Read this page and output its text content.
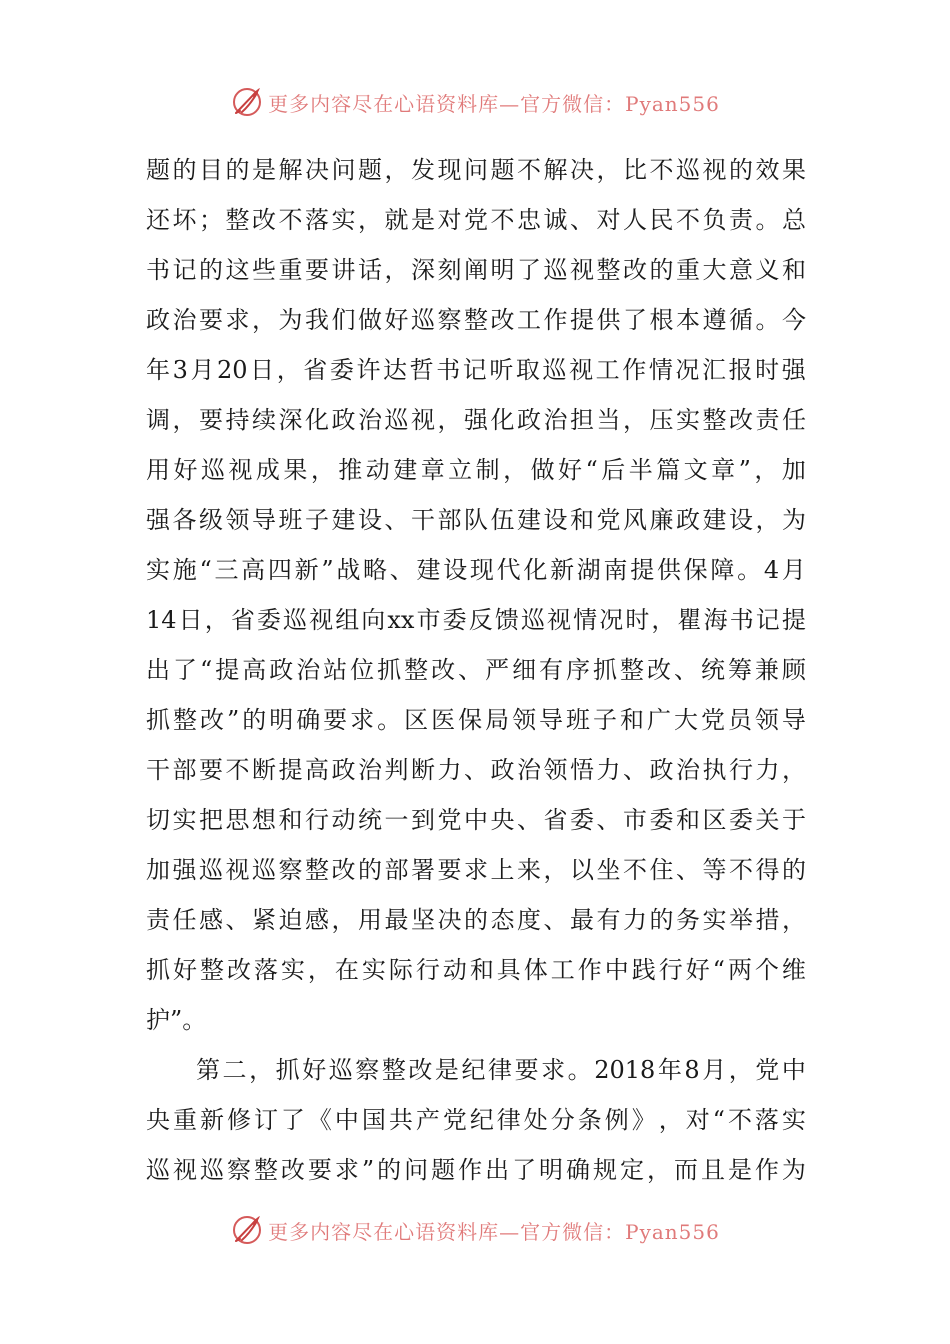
更多内容尽在心语资料库—官方微信：Pyan556
题 的 目 的 是 解 决 问 题 ， 发 现 问 题 不 解 决 ， 比 不 巡 视 的 效 果
还 坏 ； 整 改 不 落 实 ， 就 是 对 党 不 忠 诚 、 对 人 民 不 负 责 。 总
书 记 的 这 些 重 要 讲 话 ， 深 刻 阐 明 了 巡 视 整 改 的 重 大 意 义 和
政 治 要 求 ， 为 我 们 做 好 巡 察 整 改 工 作 提 供 了 根 本 遵 循 。 今
年 3 月 20 日 ， 省 委 许 达 哲 书 记 听 取 巡 视 工 作 情 况 汇 报 时 强
调 ， 要 持 续 深 化 政 治 巡 视 ， 强 化 政 治 担 当 ， 压 实 整 改 责 任
用 好 巡 视 成 果 ， 推 动 建 章 立 制 ， 做 好 “ 后 半 篇 文 章 ” ， 加
强 各 级 领 导 班 子 建 设 、 干 部 队 伍 建 设 和 党 风 廉 政 建 设 ， 为
实 施 “ 三 高 四 新 ” 战 略 、 建 设 现 代 化 新 湖 南 提 供 保 障 。 4 月
14 日 ， 省 委 巡 视 组 向 xx 市 委 反 馈 巡 视 情 况 时 ， 瞿 海 书 记 提
出 了 “ 提 高 政 治 站 位 抓 整 改 、 严 细 有 序 抓 整 改 、 统 筹 兼 顾
抓 整 改 ” 的 明 确 要 求 。 区 医 保 局 领 导 班 子 和 广 大 党 员 领 导
干 部 要 不 断 提 高 政 治 判 断 力 、 政 治 领 悟 力 、 政 治 执 行 力 ，
切 实 把 思 想 和 行 动 统 一 到 党 中 央 、 省 委 、 市 委 和 区 委 关 于
加 强 巡 视 巡 察 整 改 的 部 署 要 求 上 来 ， 以 坐 不 住 、 等 不 得 的
责 任 感 、 紧 迫 感 ， 用 最 坚 决 的 态 度 、 最 有 力 的 务 实 举 措 ，
抓 好 整 改 落 实 ， 在 实 际 行 动 和 具 体 工 作 中 践 行 好 “ 两 个 维
护”。
第 二 ， 抓 好 巡 察 整 改 是 纪 律 要 求 。 2018 年 8 月 ， 党 中
央 重 新 修 订 了 《 中 国 共 产 党 纪 律 处 分 条 例 》 ， 对 “ 不 落 实
巡 视 巡 察 整 改 要 求 ” 的 问 题 作 出 了 明 确 规 定 ， 而 且 是 作 为
更多内容尽在心语资料库—官方微信：Pyan556
